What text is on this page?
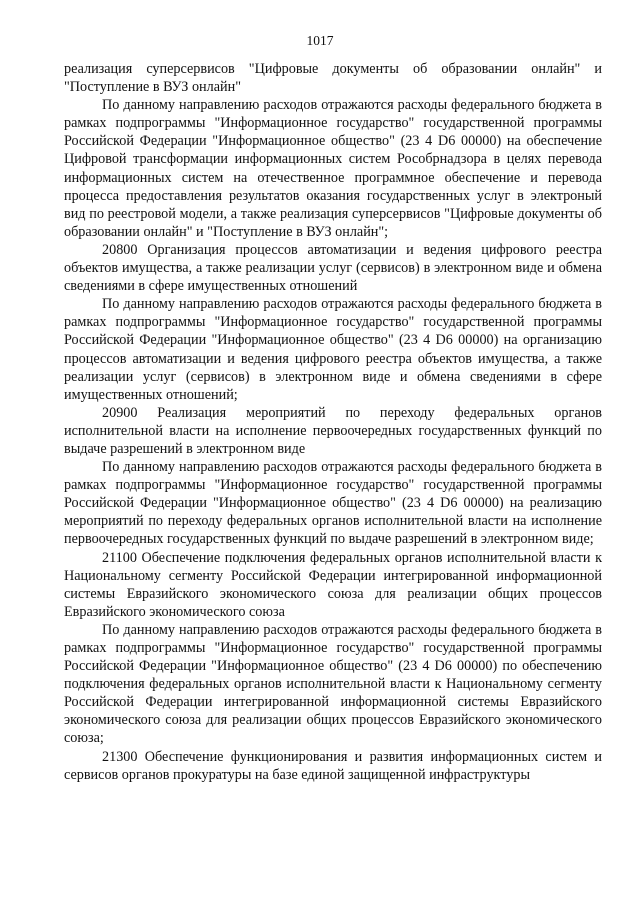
1017

реализация суперсервисов "Цифровые документы об образовании онлайн" и "Поступление в ВУЗ онлайн"

По данному направлению расходов отражаются расходы федерального бюджета в рамках подпрограммы "Информационное государство" государственной программы Российской Федерации "Информационное общество" (23 4 D6 00000) на обеспечение Цифровой трансформации информационных систем Рособрнадзора в целях перевода информационных систем на отечественное программное обеспечение и перевода процесса предоставления результатов оказания государственных услуг в электроный вид по реестровой модели, а также реализация суперсервисов "Цифровые документы об образовании онлайн" и "Поступление в ВУЗ онлайн";

20800 Организация процессов автоматизации и ведения цифрового реестра объектов имущества, а также реализации услуг (сервисов) в электронном виде и обмена сведениями в сфере имущественных отношений

По данному направлению расходов отражаются расходы федерального бюджета в рамках подпрограммы "Информационное государство" государственной программы Российской Федерации "Информационное общество" (23 4 D6 00000) на организацию процессов автоматизации и ведения цифрового реестра объектов имущества, а также реализации услуг (сервисов) в электронном виде и обмена сведениями в сфере имущественных отношений;

20900 Реализация мероприятий по переходу федеральных органов исполнительной власти на исполнение первоочередных государственных функций по выдаче разрешений в электронном виде

По данному направлению расходов отражаются расходы федерального бюджета в рамках подпрограммы "Информационное государство" государственной программы Российской Федерации "Информационное общество" (23 4 D6 00000) на реализацию мероприятий по переходу федеральных органов исполнительной власти на исполнение первоочередных государственных функций по выдаче разрешений в электронном виде;

21100 Обеспечение подключения федеральных органов исполнительной власти к Национальному сегменту Российской Федерации интегрированной информационной системы Евразийского экономического союза для реализации общих процессов Евразийского экономического союза

По данному направлению расходов отражаются расходы федерального бюджета в рамках подпрограммы "Информационное государство" государственной программы Российской Федерации "Информационное общество" (23 4 D6 00000) по обеспечению подключения федеральных органов исполнительной власти к Национальному сегменту Российской Федерации интегрированной информационной системы Евразийского экономического союза для реализации общих процессов Евразийского экономического союза;

21300 Обеспечение функционирования и развития информационных систем и сервисов органов прокуратуры на базе единой защищенной инфраструктуры
